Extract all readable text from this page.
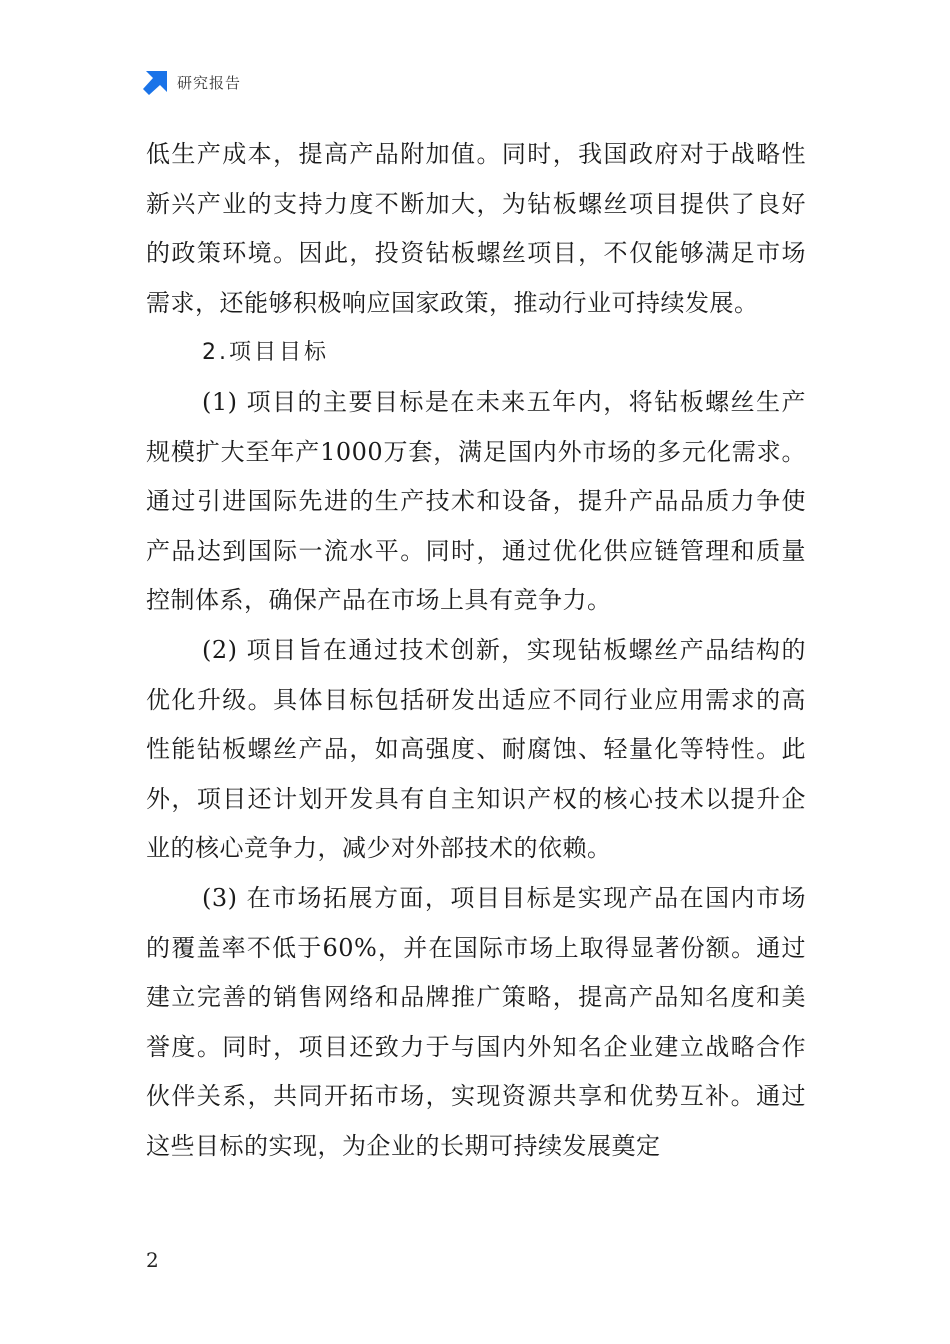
研究报告

低生产成本，提高产品附加值。同时，我国政府对于战略性新兴产业的支持力度不断加大，为钻板螺丝项目提供了良好的政策环境。因此，投资钻板螺丝项目，不仅能够满足市场需求，还能够积极响应国家政策，推动行业可持续发展。

2.项目目标

(1) 项目的主要目标是在未来五年内，将钻板螺丝生产规模扩大至年产1000万套，满足国内外市场的多元化需求。通过引进国际先进的生产技术和设备，提升产品品质力争使产品达到国际一流水平。同时，通过优化供应链管理和质量控制体系，确保产品在市场上具有竞争力。

(2) 项目旨在通过技术创新，实现钻板螺丝产品结构的优化升级。具体目标包括研发出适应不同行业应用需求的高性能钻板螺丝产品，如高强度、耐腐蚀、轻量化等特性。此外，项目还计划开发具有自主知识产权的核心技术以提升企业的核心竞争力，减少对外部技术的依赖。

(3) 在市场拓展方面，项目目标是实现产品在国内市场的覆盖率不低于60%，并在国际市场上取得显著份额。通过建立完善的销售网络和品牌推广策略，提高产品知名度和美誉度。同时，项目还致力于与国内外知名企业建立战略合作伙伴关系，共同开拓市场，实现资源共享和优势互补。通过这些目标的实现，为企业的长期可持续发展奠定

2
